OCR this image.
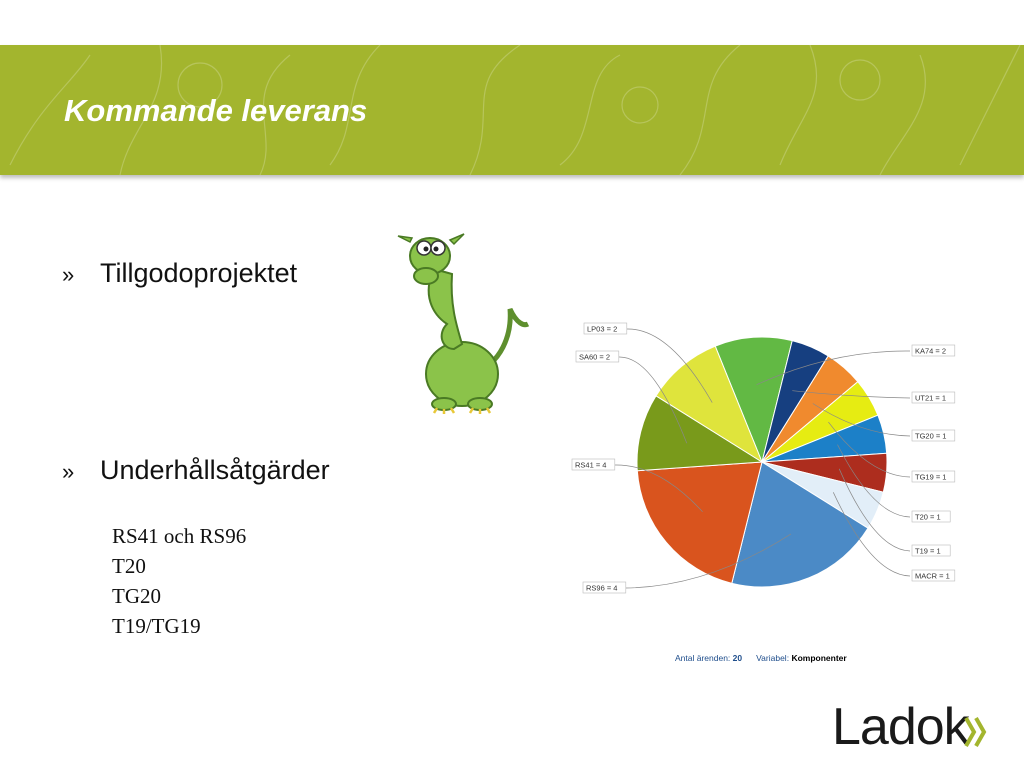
Kommande leverans
» Tillgodoprojektet
» Underhållsåtgärder
RS41 och RS96
T20
TG20
T19/TG19
KA74 = 2
UT21 = 1
TG20 = 1
TG19 = 1
T20 = 1
T19 = 1
MACR = 1
RS96 = 4
RS41 = 4
SA60 = 2
LP03 = 2
Antal ärenden: 20 Variabel: Komponenter
Ladok
